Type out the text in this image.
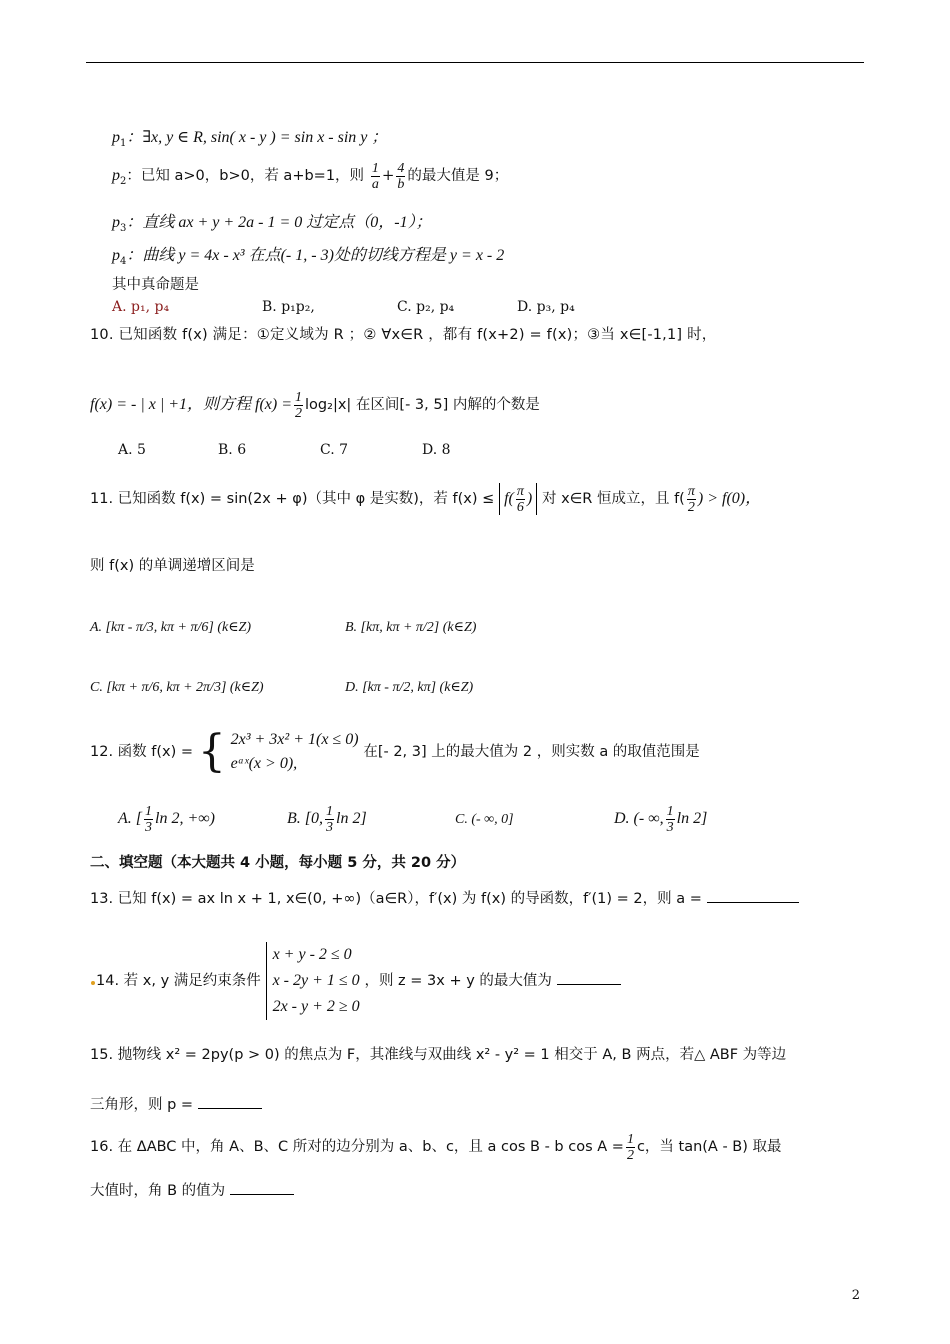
$p_1$：∃x, y ∈ R, sin( x - y ) = sin x - sin y ；
$p_2$：已知 a>0，b>0，若 a+b=1，则 $\frac{1}{a} + \frac{4}{b}$ 的最大值是 9；
$p_3$：直线 ax + y + 2a - 1 = 0 过定点（0，-1）；
$p_4$：曲线 y = 4x - x³ 在点(- 1, - 3)处的切线方程是 y = x - 2
其中真命题是
A. p₁, p₄	B. p₁p₂,	C. p₂, p₄	D. p₃, p₄
10. 已知函数 f(x) 满足：①定义域为 R ；② ∀x∈R ，都有 f(x+2) = f(x)；③当 x∈[-1,1] 时，
f(x) = - | x | +1，则方程 $f(x) = \frac{1}{2} \log_2|x|$ 在区间[- 3, 5] 内解的个数是
A. 5	B. 6	C. 7	D. 8
11. 已知函数 f(x) = sin(2x + φ)（其中 φ 是实数)，若 $f(x) \le f( \frac{\pi}{6}$ ) 对 x∈R 恒成立，且 $f( \frac{\pi}{2}$ ) > f(0)，
则 f(x) 的单调递增区间是
A. [kπ - π/3, kπ + π/6] (k∈Z)	B. [kπ, kπ + π/2] (k∈Z)
C. [kπ + π/6, kπ + 2π/3] (k∈Z)	D. [kπ - π/2, kπ] (k∈Z)
12. 函数 f(x) = { 2x³ + 3x² + 1(x ≤ 0)
eᵃˣ(x > 0),
在[- 2, 3] 上的最大值为 2 ，则实数 a 的取值范围是
A. [ $\frac{1}{3}$ ln 2, +∞)	B. [0, $\frac{1}{3}$ ln 2]	C. (- ∞, 0]	D. (- ∞, $\frac{1}{3}$ ln 2]
二、填空题（本大题共 4 小题，每小题 5 分，共 20 分）
13. 已知 f(x) = ax ln x + 1, x∈(0, +∞)（a∈R），f′(x) 为 f(x) 的导函数，f′(1) = 2，则 a =
14. 若 x, y 满足约束条件
x + y - 2 ≤ 0
x - 2y + 1 ≤ 0
2x - y + 2 ≥ 0
，则 z = 3x + y 的最大值为
15. 抛物线 x² = 2py(p > 0) 的焦点为 F，其准线与双曲线 x² - y² = 1 相交于 A, B 两点，若△ ABF 为等边
三角形，则 p =
16. 在 ΔABC 中，角 A、B、C 所对的边分别为 a、b、c，且 a cos B - b $\cos A = \frac{1}{2}$ c，当 tan(A - B) 取最
大值时，角 B 的值为
2
